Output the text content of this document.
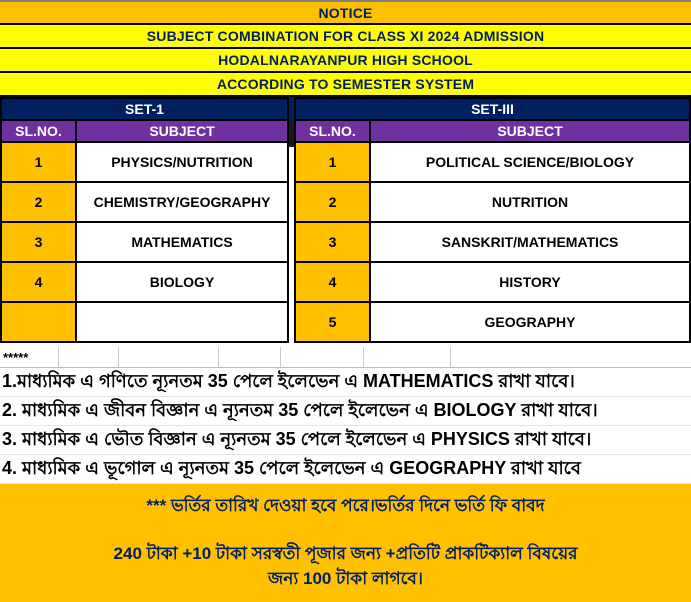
NOTICE
SUBJECT COMBINATION FOR CLASS XI 2024 ADMISSION
HODALNARAYANPUR HIGH SCHOOL
ACCORDING TO SEMESTER SYSTEM
SET-1	
SL.NO.	SUBJECT
1	PHYSICS/NUTRITION
2	CHEMISTRY/GEOGRAPHY
3	MATHEMATICS
4	BIOLOGY

SET-III	
SL.NO.	SUBJECT
1	POLITICAL SCIENCE/BIOLOGY
2	NUTRITION
3	SANSKRIT/MATHEMATICS
4	HISTORY
5	GEOGRAPHY
*****
1.মাধ্যমিক এ গণিতে ন্যূনতম 35 পেলে ইলেভেন এ MATHEMATICS রাখা যাবে।
2. মাধ্যমিক এ জীবন বিজ্ঞান এ ন্যূনতম 35 পেলে ইলেভেন এ BIOLOGY রাখা যাবে।
3. মাধ্যমিক এ ভৌত বিজ্ঞান এ ন্যূনতম 35 পেলে ইলেভেন এ PHYSICS রাখা যাবে।
4. মাধ্যমিক এ ভূগোল এ ন্যূনতম 35 পেলে ইলেভেন এ GEOGRAPHY রাখা যাবে
*** ভর্তির তারিখ দেওয়া হবে পরে।ভর্তির দিনে ভর্তি ফি বাবদ
240 টাকা +10 টাকা সরস্বতী পূজার জন্য +প্রতিটি প্রাকটিক্যাল বিষয়ের
জন্য 100 টাকা লাগবে।
